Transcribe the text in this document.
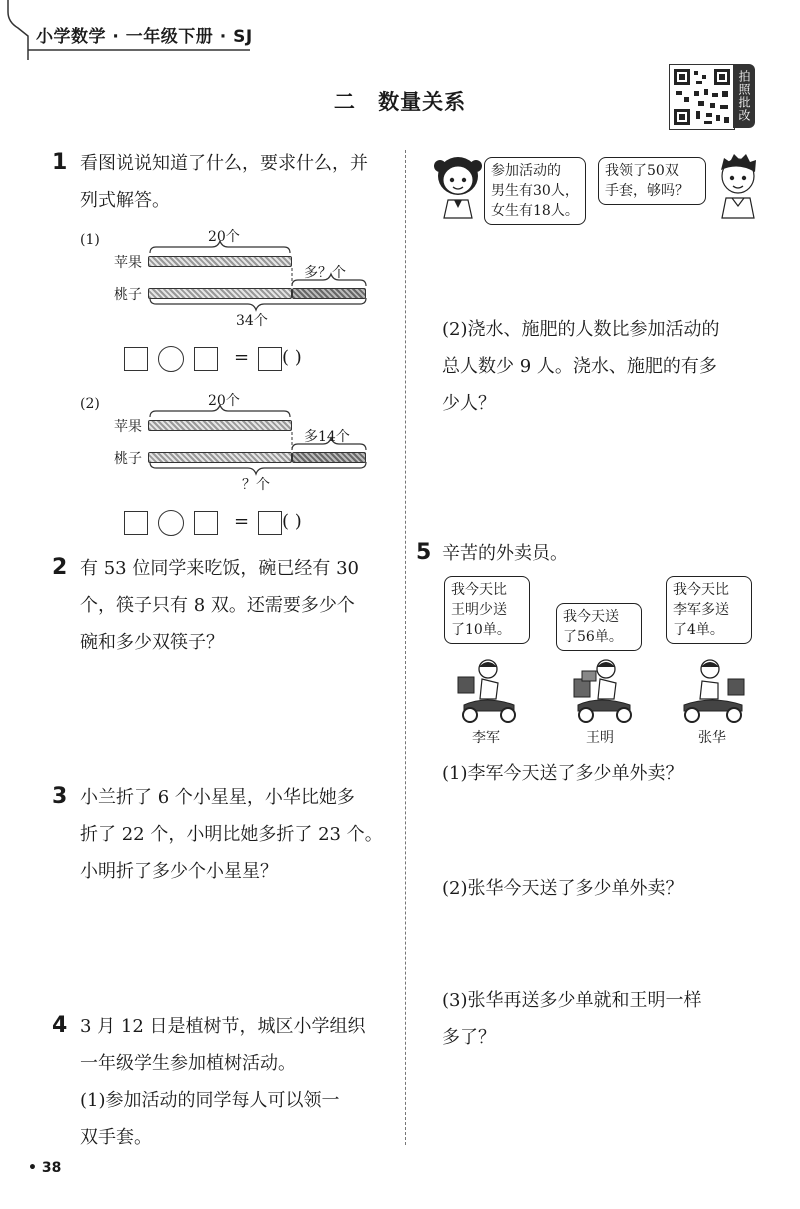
小学数学 · 一年级下册 · SJ
二 数量关系	拍照批改
1 看图说说知道了什么，要求什么，并
列式解答。
(1)	20个
苹果
多？个
桃子
34个
= ( )
(2)	20个
苹果
多14个
桃子
？个
= ( )
2 有 53 位同学来吃饭，碗已经有 30
个，筷子只有 8 双。还需要多少个
碗和多少双筷子？
3 小兰折了 6 个小星星，小华比她多
折了 22 个，小明比她多折了 23 个。
小明折了多少个小星星？
4 3 月 12 日是植树节，城区小学组织
一年级学生参加植树活动。
(1)参加活动的同学每人可以领一
双手套。
参加活动的
男生有30人，
女生有18人。
我领了50双
手套，够吗？
(2)浇水、施肥的人数比参加活动的
总人数少 9 人。浇水、施肥的有多
少人？
5 辛苦的外卖员。
我今天比
王明少送
了10单。
我今天送
了56单。
我今天比
李军多送
了4单。
李军	王明	张华
(1)李军今天送了多少单外卖？
(2)张华今天送了多少单外卖？
(3)张华再送多少单就和王明一样
多了？
• 38
